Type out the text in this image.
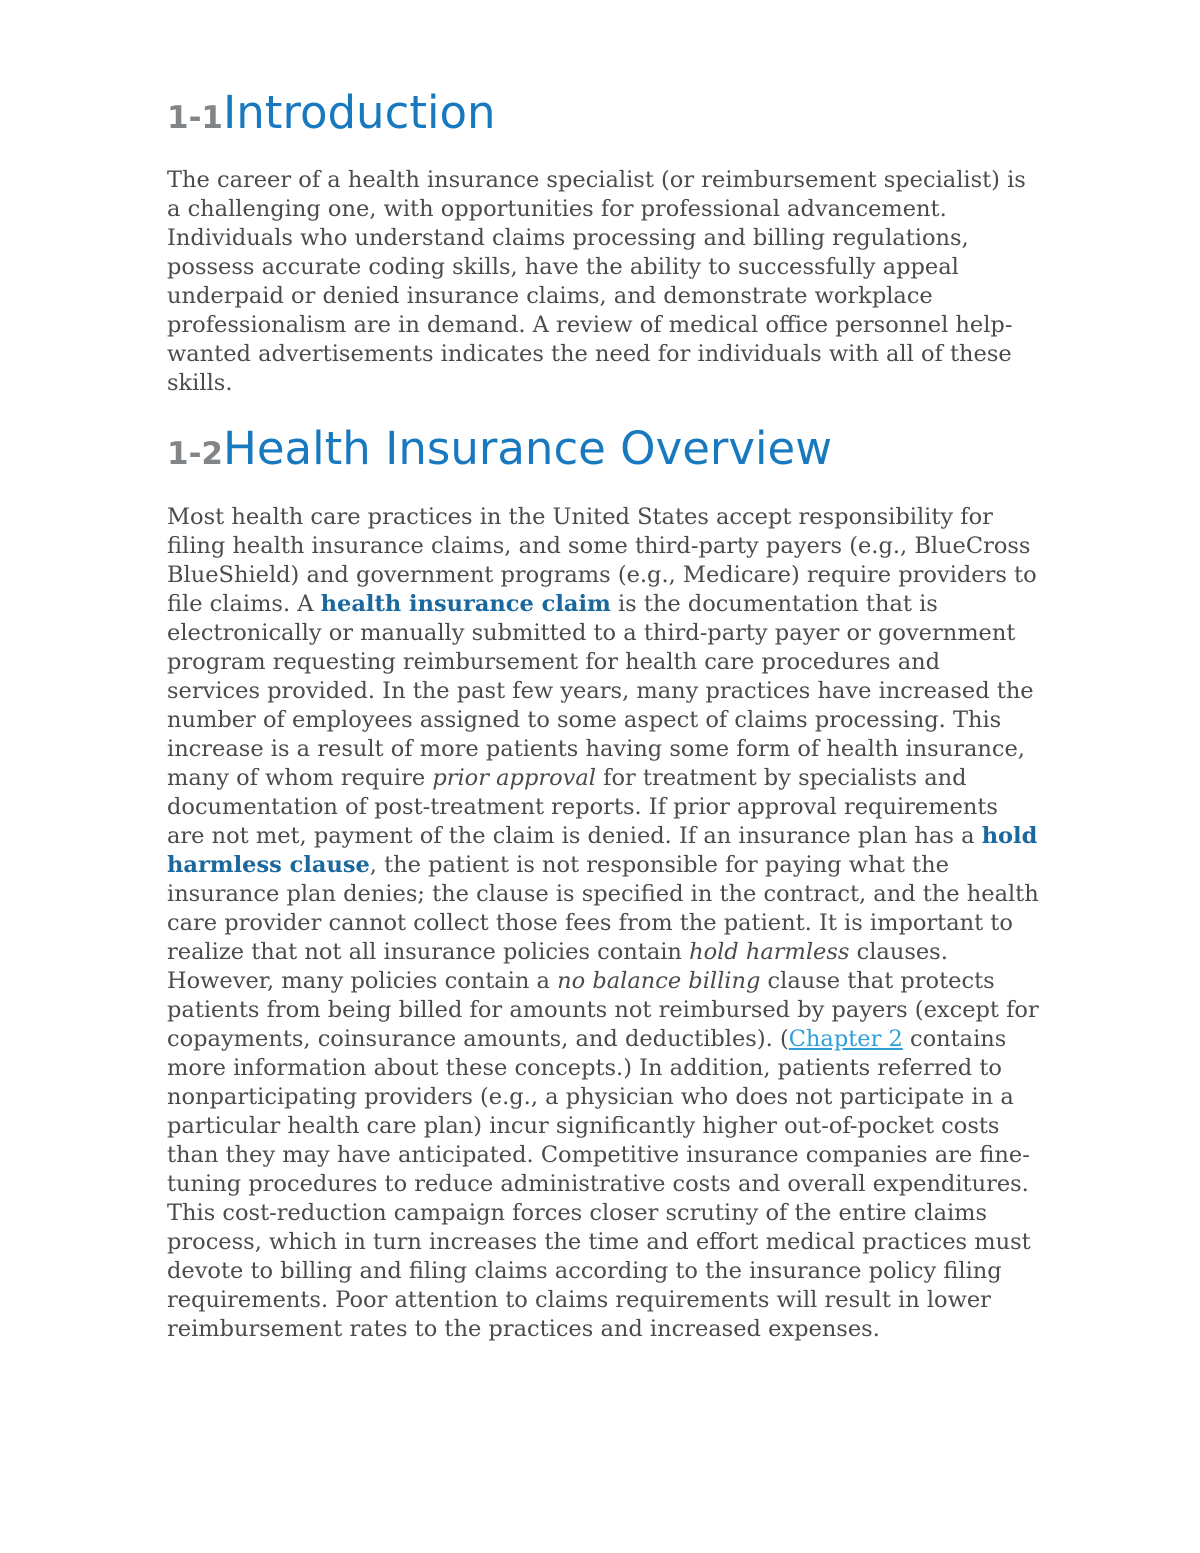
1-1Introduction

The career of a health insurance specialist (or reimbursement specialist) is a challenging one, with opportunities for professional advancement. Individuals who understand claims processing and billing regulations, possess accurate coding skills, have the ability to successfully appeal underpaid or denied insurance claims, and demonstrate workplace professionalism are in demand. A review of medical office personnel help-wanted advertisements indicates the need for individuals with all of these skills.

1-2Health Insurance Overview

Most health care practices in the United States accept responsibility for filing health insurance claims, and some third-party payers (e.g., BlueCross BlueShield) and government programs (e.g., Medicare) require providers to file claims. A health insurance claim is the documentation that is electronically or manually submitted to a third-party payer or government program requesting reimbursement for health care procedures and services provided. In the past few years, many practices have increased the number of employees assigned to some aspect of claims processing. This increase is a result of more patients having some form of health insurance, many of whom require prior approval for treatment by specialists and documentation of post-treatment reports. If prior approval requirements are not met, payment of the claim is denied. If an insurance plan has a hold harmless clause, the patient is not responsible for paying what the insurance plan denies; the clause is specified in the contract, and the health care provider cannot collect those fees from the patient. It is important to realize that not all insurance policies contain hold harmless clauses. However, many policies contain a no balance billing clause that protects patients from being billed for amounts not reimbursed by payers (except for copayments, coinsurance amounts, and deductibles). (Chapter 2 contains more information about these concepts.) In addition, patients referred to nonparticipating providers (e.g., a physician who does not participate in a particular health care plan) incur significantly higher out-of-pocket costs than they may have anticipated. Competitive insurance companies are fine-tuning procedures to reduce administrative costs and overall expenditures. This cost-reduction campaign forces closer scrutiny of the entire claims process, which in turn increases the time and effort medical practices must devote to billing and filing claims according to the insurance policy filing requirements. Poor attention to claims requirements will result in lower reimbursement rates to the practices and increased expenses.
